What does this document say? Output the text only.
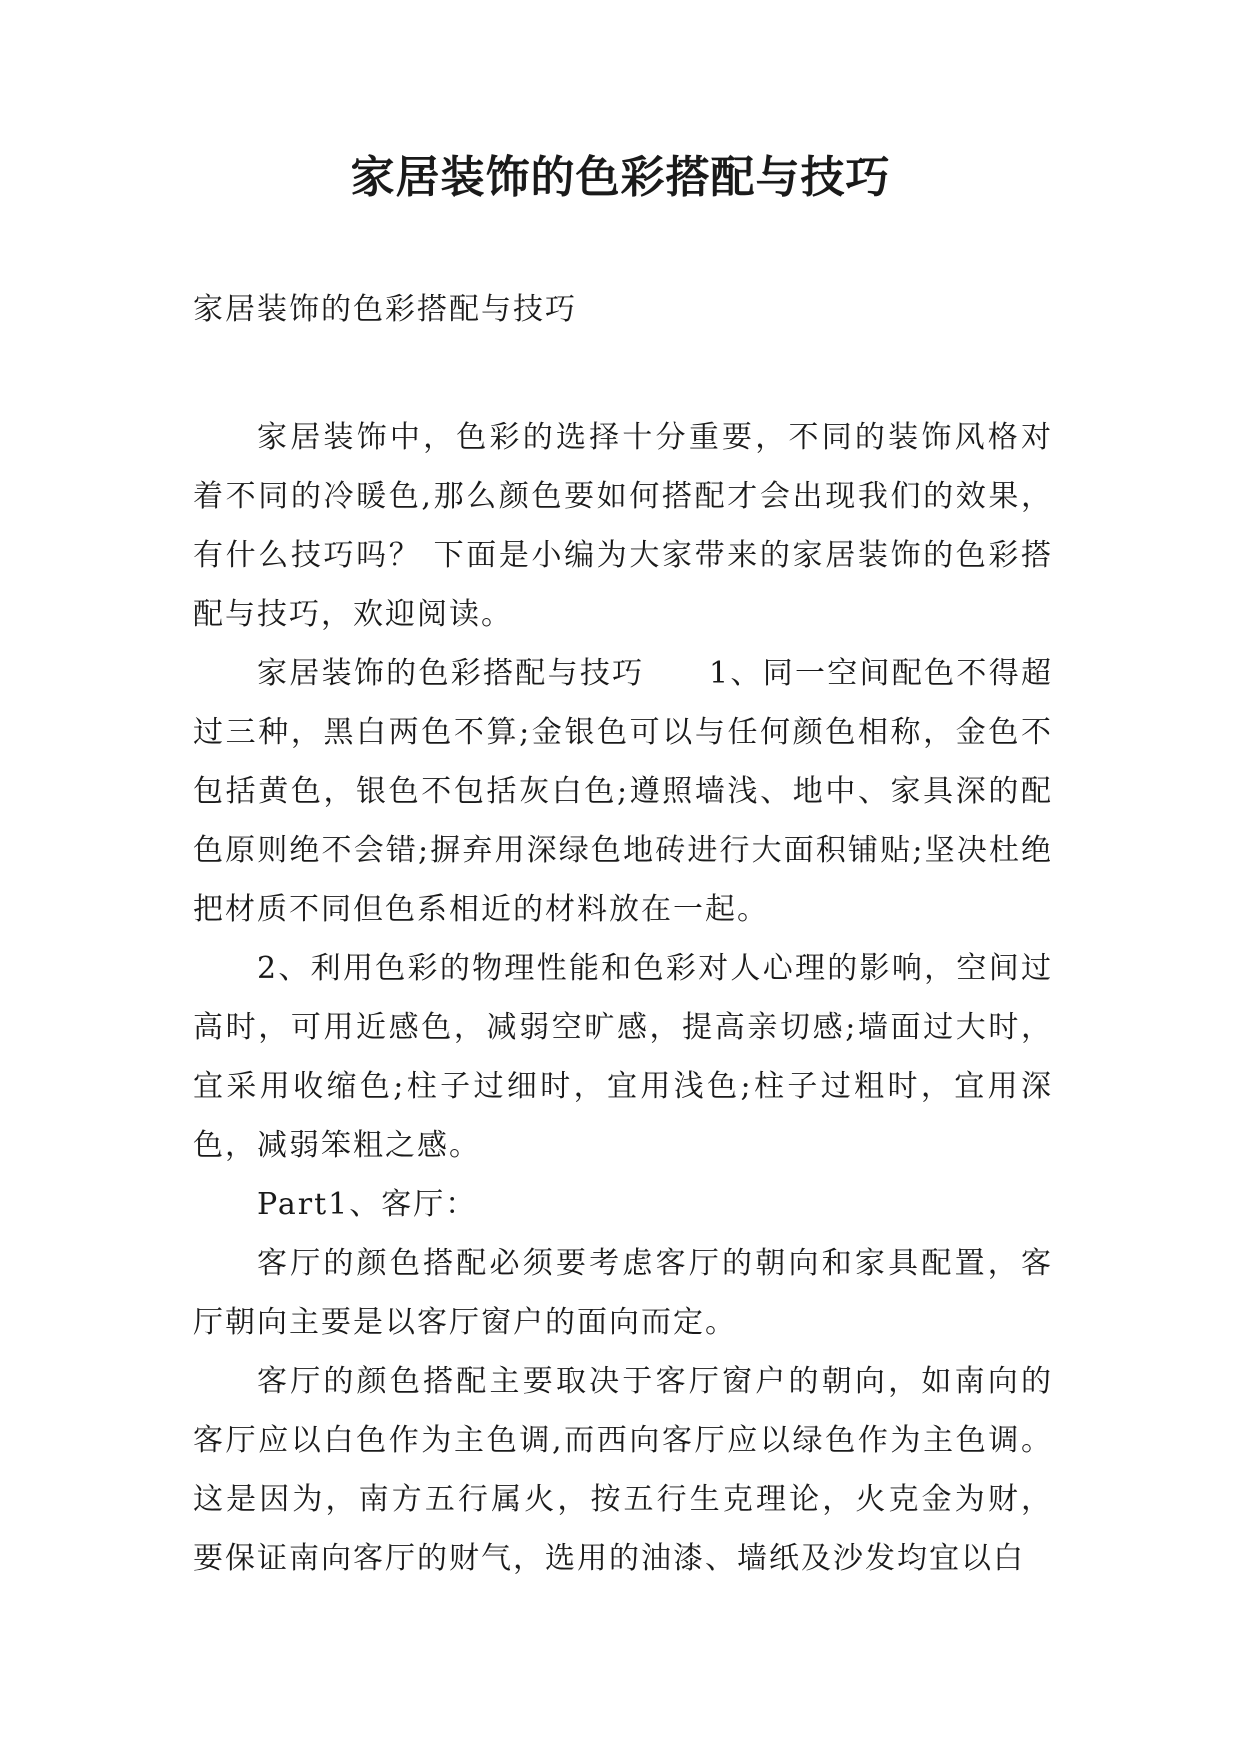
家居装饰的色彩搭配与技巧

家居装饰的色彩搭配与技巧

家居装饰中，色彩的选择十分重要，不同的装饰风格对着不同的冷暖色,那么颜色要如何搭配才会出现我们的效果，有什么技巧吗？ 下面是小编为大家带来的家居装饰的色彩搭配与技巧，欢迎阅读。

家居装饰的色彩搭配与技巧　　1、同一空间配色不得超过三种，黑白两色不算;金银色可以与任何颜色相称，金色不包括黄色，银色不包括灰白色;遵照墙浅、地中、家具深的配色原则绝不会错;摒弃用深绿色地砖进行大面积铺贴;坚决杜绝把材质不同但色系相近的材料放在一起。

2、利用色彩的物理性能和色彩对人心理的影响，空间过高时，可用近感色，减弱空旷感，提高亲切感;墙面过大时，宜采用收缩色;柱子过细时，宜用浅色;柱子过粗时，宜用深色，减弱笨粗之感。

Part1、客厅：

客厅的颜色搭配必须要考虑客厅的朝向和家具配置，客厅朝向主要是以客厅窗户的面向而定。

客厅的颜色搭配主要取决于客厅窗户的朝向，如南向的客厅应以白色作为主色调,而西向客厅应以绿色作为主色调。这是因为，南方五行属火，按五行生克理论，火克金为财，要保证南向客厅的财气，选用的油漆、墙纸及沙发均宜以白
